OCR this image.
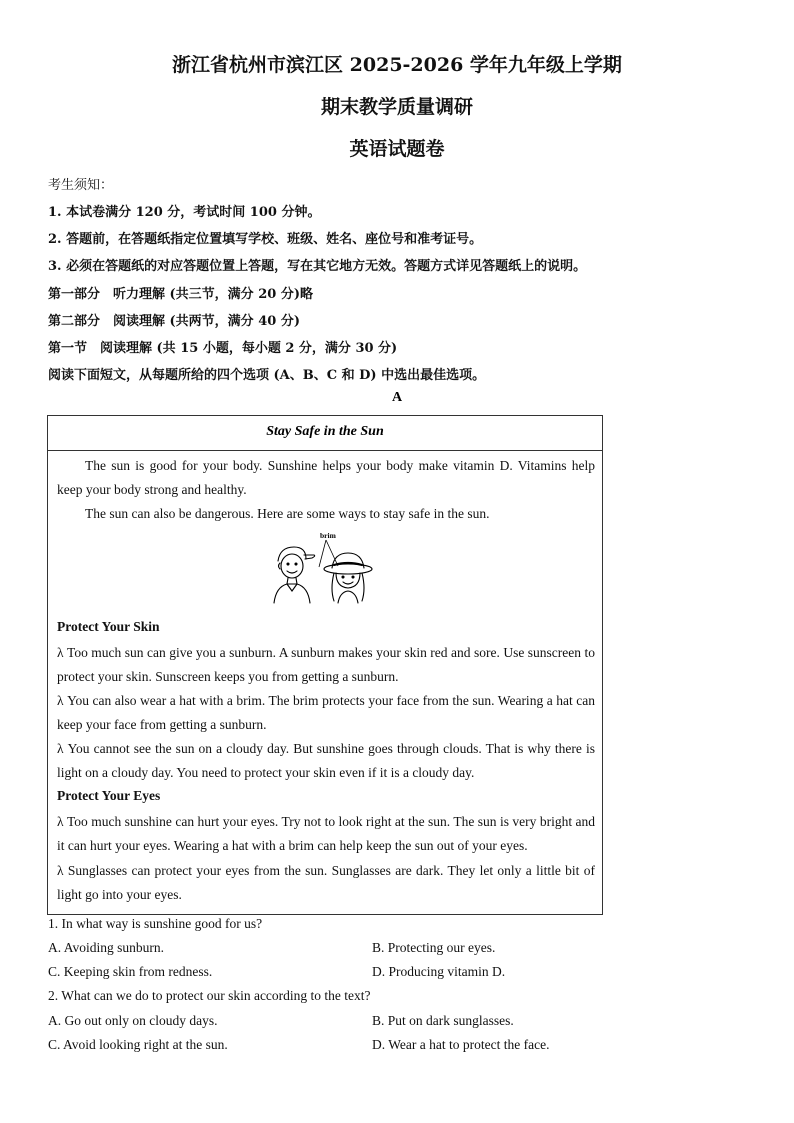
浙江省杭州市滨江区 2025-2026 学年九年级上学期
期末教学质量调研
英语试题卷
考生须知：
1. 本试卷满分 120 分，考试时间 100 分钟。
2. 答题前，在答题纸指定位置填写学校、班级、姓名、座位号和准考证号。
3. 必须在答题纸的对应答题位置上答题，写在其它地方无效。答题方式详见答题纸上的说明。
第一部分　听力理解 (共三节，满分 20 分)略
第二部分　阅读理解 (共两节，满分 40 分)
第一节　阅读理解 (共 15 小题，每小题 2 分，满分 30 分)
阅读下面短文，从每题所给的四个选项 (A、B、C 和 D) 中选出最佳选项。
A
Stay Safe in the Sun
The sun is good for your body. Sunshine helps your body make vitamin D. Vitamins help keep your body strong and healthy.
The sun can also be dangerous. Here are some ways to stay safe in the sun.
brim
Protect Your Skin
λ Too much sun can give you a sunburn. A sunburn makes your skin red and sore. Use sunscreen to protect your skin. Sunscreen keeps you from getting a sunburn.
λ You can also wear a hat with a brim. The brim protects your face from the sun. Wearing a hat can keep your face from getting a sunburn.
λ You cannot see the sun on a cloudy day. But sunshine goes through clouds. That is why there is light on a cloudy day. You need to protect your skin even if it is a cloudy day.
Protect Your Eyes
λ Too much sunshine can hurt your eyes. Try not to look right at the sun. The sun is very bright and it can hurt your eyes. Wearing a hat with a brim can help keep the sun out of your eyes.
λ Sunglasses can protect your eyes from the sun. Sunglasses are dark. They let only a little bit of light go into your eyes.
1. In what way is sunshine good for us?
A. Avoiding sunburn.	B. Protecting our eyes.
C. Keeping skin from redness.	D. Producing vitamin D.
2. What can we do to protect our skin according to the text?
A. Go out only on cloudy days.	B. Put on dark sunglasses.
C. Avoid looking right at the sun.	D. Wear a hat to protect the face.
